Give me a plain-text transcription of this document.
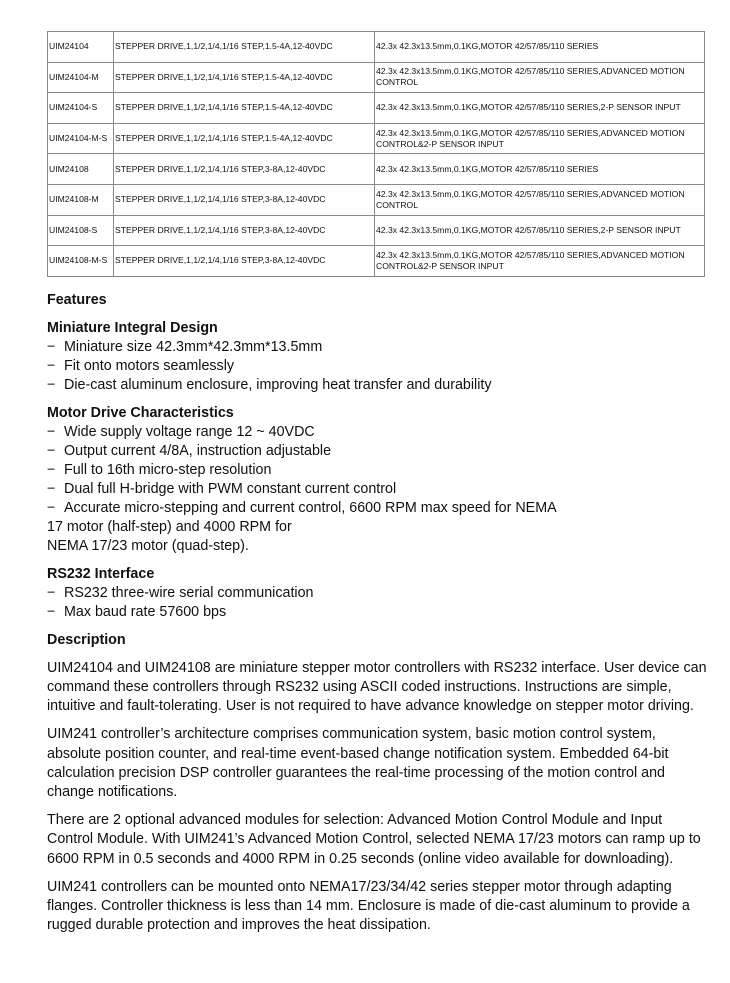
UIM24104	STEPPER DRIVE,1,1/2,1/4,1/16 STEP,1.5-4A,12-40VDC	42.3x 42.3x13.5mm,0.1KG,MOTOR 42/57/85/110 SERIES
UIM24104-M	STEPPER DRIVE,1,1/2,1/4,1/16 STEP,1.5-4A,12-40VDC	42.3x 42.3x13.5mm,0.1KG,MOTOR 42/57/85/110 SERIES,ADVANCED MOTION CONTROL
UIM24104-S	STEPPER DRIVE,1,1/2,1/4,1/16 STEP,1.5-4A,12-40VDC	42.3x 42.3x13.5mm,0.1KG,MOTOR 42/57/85/110 SERIES,2-P SENSOR INPUT
UIM24104-M-S	STEPPER DRIVE,1,1/2,1/4,1/16 STEP,1.5-4A,12-40VDC	42.3x 42.3x13.5mm,0.1KG,MOTOR 42/57/85/110 SERIES,ADVANCED MOTION CONTROL&2-P SENSOR INPUT
UIM24108	STEPPER DRIVE,1,1/2,1/4,1/16 STEP,3-8A,12-40VDC	42.3x 42.3x13.5mm,0.1KG,MOTOR 42/57/85/110 SERIES
UIM24108-M	STEPPER DRIVE,1,1/2,1/4,1/16 STEP,3-8A,12-40VDC	42.3x 42.3x13.5mm,0.1KG,MOTOR 42/57/85/110 SERIES,ADVANCED MOTION CONTROL
UIM24108-S	STEPPER DRIVE,1,1/2,1/4,1/16 STEP,3-8A,12-40VDC	42.3x 42.3x13.5mm,0.1KG,MOTOR 42/57/85/110 SERIES,2-P SENSOR INPUT
UIM24108-M-S	STEPPER DRIVE,1,1/2,1/4,1/16 STEP,3-8A,12-40VDC	42.3x 42.3x13.5mm,0.1KG,MOTOR 42/57/85/110 SERIES,ADVANCED MOTION CONTROL&2-P SENSOR INPUT
Features
Miniature Integral Design
− Miniature size 42.3mm*42.3mm*13.5mm
− Fit onto motors seamlessly
− Die-cast aluminum enclosure, improving heat transfer and durability
Motor Drive Characteristics
− Wide supply voltage range 12 ~ 40VDC
− Output current 4/8A, instruction adjustable
− Full to 16th micro-step resolution
− Dual full H-bridge with PWM constant current control
− Accurate micro-stepping and current control, 6600 RPM max speed for NEMA
17 motor (half-step) and 4000 RPM for
NEMA 17/23 motor (quad-step).
RS232 Interface
− RS232 three-wire serial communication
− Max baud rate 57600 bps
Description

UIM24104 and UIM24108 are miniature stepper motor controllers with RS232 interface. User device can command these controllers through RS232 using ASCII coded instructions. Instructions are simple, intuitive and fault-tolerating. User is not required to have advance knowledge on stepper motor driving.

UIM241 controller’s architecture comprises communication system, basic motion control system, absolute position counter, and real-time event-based change notification system. Embedded 64-bit calculation precision DSP controller guarantees the real-time processing of the motion control and change notifications.

There are 2 optional advanced modules for selection: Advanced Motion Control Module and Input Control Module. With UIM241’s Advanced Motion Control, selected NEMA 17/23 motors can ramp up to 6600 RPM in 0.5 seconds and 4000 RPM in 0.25 seconds (online video available for downloading).

UIM241 controllers can be mounted onto NEMA17/23/34/42 series stepper motor through adapting flanges. Controller thickness is less than 14 mm. Enclosure is made of die-cast aluminum to provide a rugged durable protection and improves the heat dissipation.
